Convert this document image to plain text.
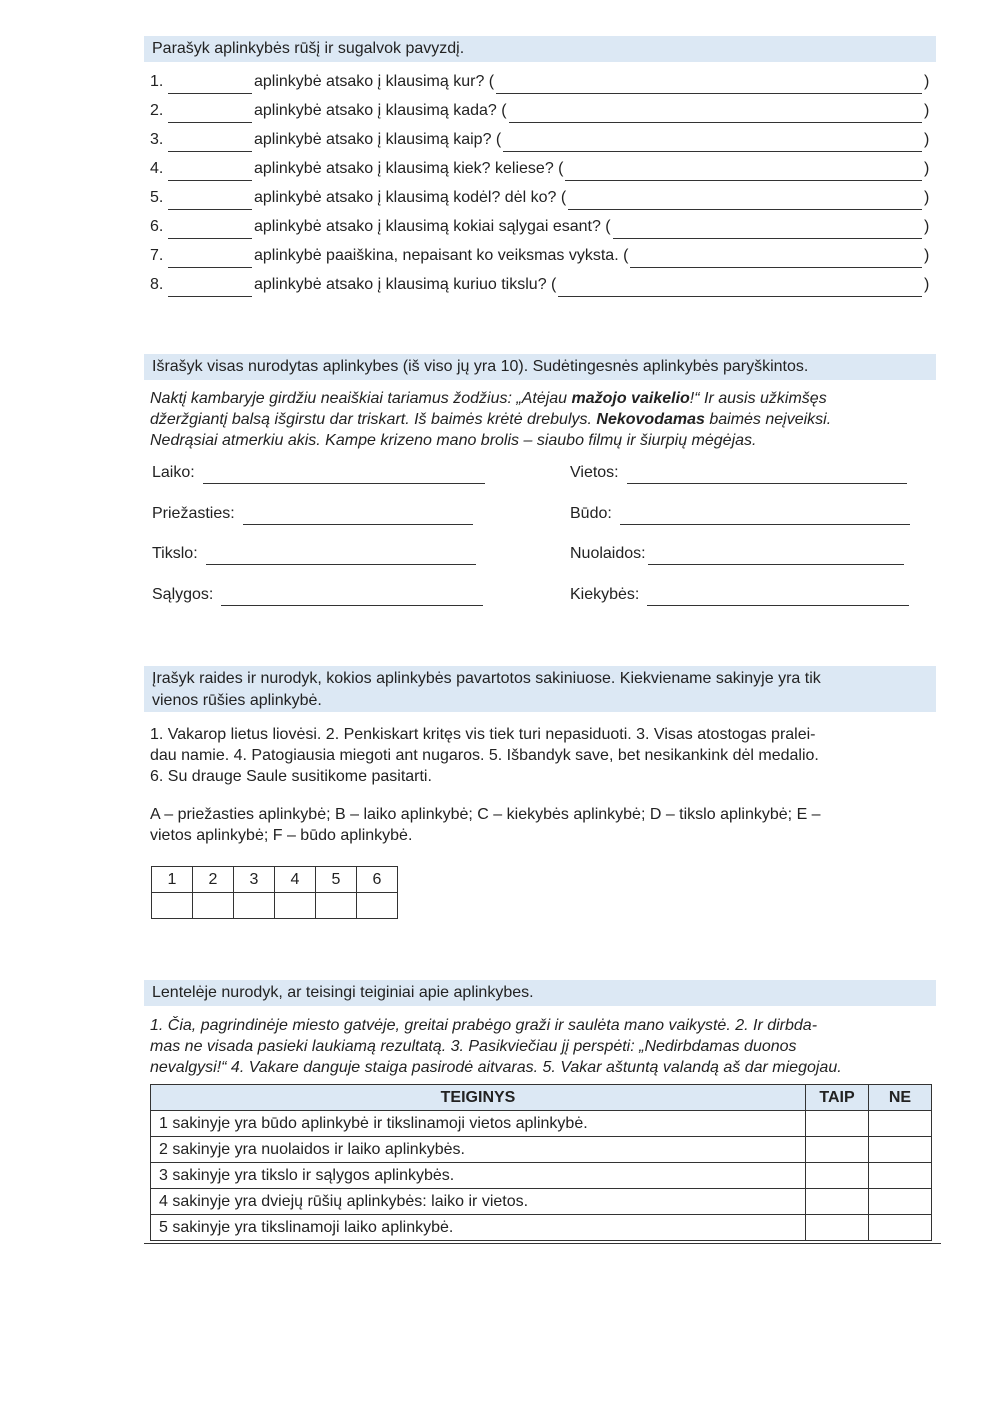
Parašyk aplinkybės rūšį ir sugalvok pavyzdį.
1.	aplinkybė atsako į klausimą kur? (	)
2.	aplinkybė atsako į klausimą kada? (	)
3.	aplinkybė atsako į klausimą kaip? (	)
4.	aplinkybė atsako į klausimą kiek? keliese? (	)
5.	aplinkybė atsako į klausimą kodėl? dėl ko? (	)
6.	aplinkybė atsako į klausimą kokiai sąlygai esant? (	)
7.	aplinkybė paaiškina, nepaisant ko veiksmas vyksta. (	)
8.	aplinkybė atsako į klausimą kuriuo tikslu? (	)
Išrašyk visas nurodytas aplinkybes (iš viso jų yra 10). Sudėtingesnės aplinkybės paryškintos.
Naktį kambaryje girdžiu neaiškiai tariamus žodžius: „Atėjau mažojo vaikelio!“ Ir ausis užkimšęs
džeržgiantį balsą išgirstu dar triskart. Iš baimės krėtė drebulys. Nekovodamas baimės neįveiksi.
Nedrąsiai atmerkiu akis. Kampe krizeno mano brolis – siaubo filmų ir šiurpių mėgėjas.
Laiko:	Vietos:
Priežasties:	Būdo:
Tikslo:	Nuolaidos:
Sąlygos:	Kiekybės:
Įrašyk raides ir nurodyk, kokios aplinkybės pavartotos sakiniuose. Kiekviename sakinyje yra tik
vienos rūšies aplinkybė.
1. Vakarop lietus liovėsi. 2. Penkiskart kritęs vis tiek turi nepasiduoti. 3. Visas atostogas pralei-
dau namie. 4. Patogiausia miegoti ant nugaros. 5. Išbandyk save, bet nesikankink dėl medalio.
6. Su drauge Saule susitikome pasitarti.
A – priežasties aplinkybė; B – laiko aplinkybė; C – kiekybės aplinkybė; D – tikslo aplinkybė; E –
vietos aplinkybė; F – būdo aplinkybė.
1	2	3	4	5	6

Lentelėje nurodyk, ar teisingi teiginiai apie aplinkybes.
1. Čia, pagrindinėje miesto gatvėje, greitai prabėgo graži ir saulėta mano vaikystė. 2. Ir dirbda-
mas ne visada pasieki laukiamą rezultatą. 3. Pasikviečiau jį perspėti: „Nedirbdamas duonos
nevalgysi!“ 4. Vakare danguje staiga pasirodė aitvaras. 5. Vakar aštuntą valandą aš dar miegojau.
TEIGINYS	TAIP	NE
1 sakinyje yra būdo aplinkybė ir tikslinamoji vietos aplinkybė.		
2 sakinyje yra nuolaidos ir laiko aplinkybės.		
3 sakinyje yra tikslo ir sąlygos aplinkybės.		
4 sakinyje yra dviejų rūšių aplinkybės: laiko ir vietos.		
5 sakinyje yra tikslinamoji laiko aplinkybė.		
